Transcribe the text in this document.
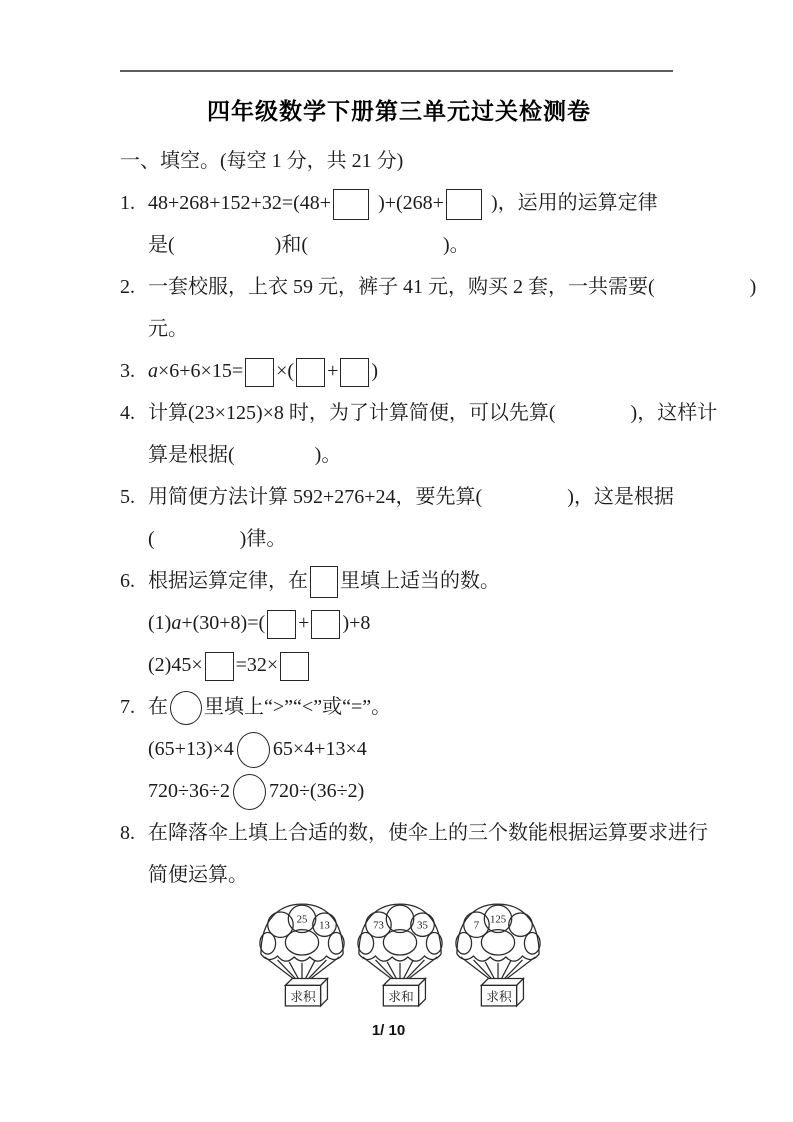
四年级数学下册第三单元过关检测卷
一、填空。(每空 1 分，共 21 分)
1. 48+268+152+32=(48+ )+(268+ )，运用的运算定律
是(	)和(	)。
2. 一套校服，上衣 59 元，裤子 41 元，购买 2 套，一共需要(	)
元。
3. a×6+6×15= ×( + )
4. 计算(23×125)×8 时，为了计算简便，可以先算(	)，这样计
算是根据(	)。
5. 用简便方法计算 592+276+24，要先算(	)，这是根据
(	)律。
6. 根据运算定律，在 里填上适当的数。
(1)a+(30+8)=( + )+8
(2)45× =32×
7. 在 里填上“>”“<”或“=”。
(65+13)×4 65×4+13×4
720÷36÷2 720÷(36÷2)
8. 在降落伞上填上合适的数，使伞上的三个数能根据运算要求进行
简便运算。
25 13
求积
73	35
求和
7 125
求积
1/ 10
